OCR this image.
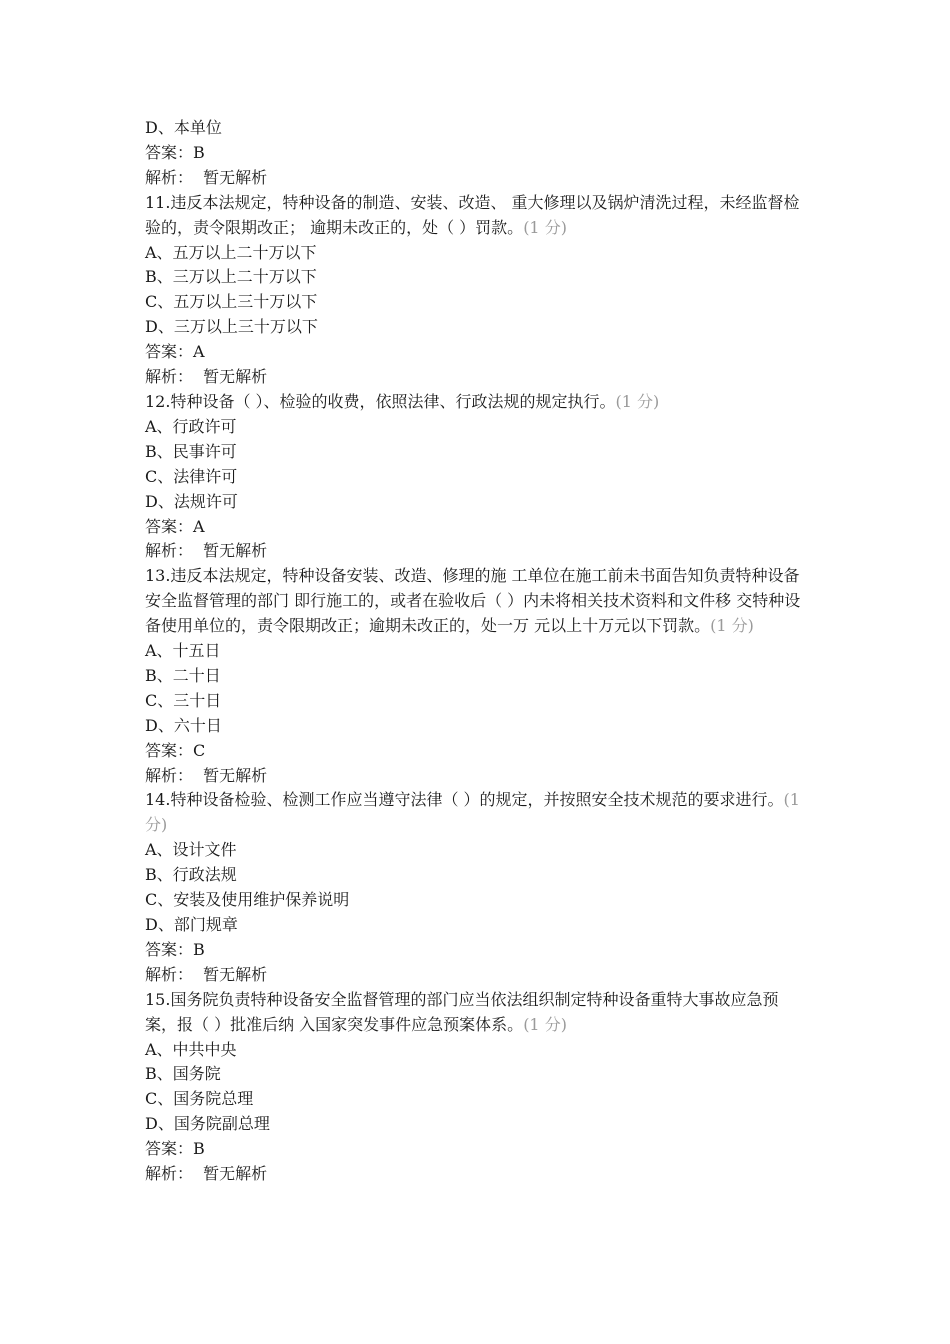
D、本单位
答案：B
解析：  暂无解析
11.违反本法规定，特种设备的制造、安装、改造、 重大修理以及锅炉清洗过程，未经监督检验的，责令限期改正； 逾期未改正的，处（ ）罚款。(1 分)
A、五万以上二十万以下
B、三万以上二十万以下
C、五万以上三十万以下
D、三万以上三十万以下
答案：A
解析：  暂无解析
12.特种设备（ ）、检验的收费，依照法律、行政法规的规定执行。(1 分)
A、行政许可
B、民事许可
C、法律许可
D、法规许可
答案：A
解析：  暂无解析
13.违反本法规定，特种设备安装、改造、修理的施 工单位在施工前未书面告知负责特种设备安全监督管理的部门 即行施工的，或者在验收后（ ）内未将相关技术资料和文件移 交特种设备使用单位的，责令限期改正；逾期未改正的，处一万 元以上十万元以下罚款。(1 分)
A、十五日
B、二十日
C、三十日
D、六十日
答案：C
解析：  暂无解析
14.特种设备检验、检测工作应当遵守法律（ ）的规定，并按照安全技术规范的要求进行。(1 分)
A、设计文件
B、行政法规
C、安装及使用维护保养说明
D、部门规章
答案：B
解析：  暂无解析
15.国务院负责特种设备安全监督管理的部门应当依法组织制定特种设备重特大事故应急预案，报（ ）批准后纳 入国家突发事件应急预案体系。(1 分)
A、中共中央
B、国务院
C、国务院总理
D、国务院副总理
答案：B
解析：  暂无解析
